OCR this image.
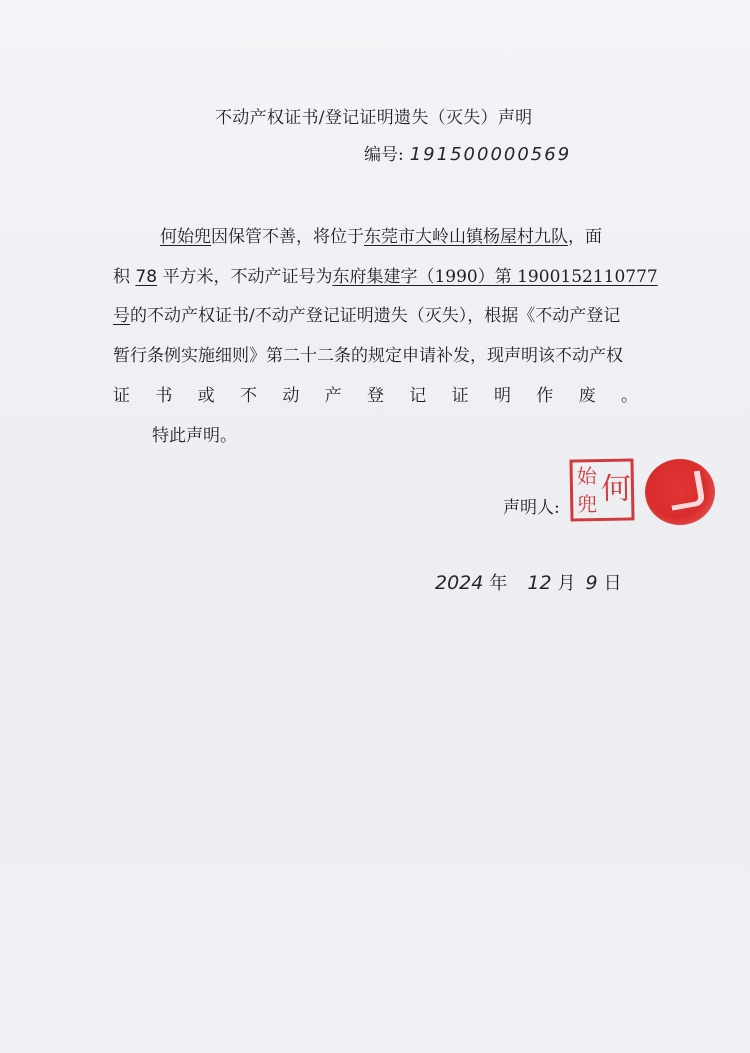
不动产权证书/登记证明遗失（灭失）声明
编号: 191500000569
何始兜因保管不善，将位于东莞市大岭山镇杨屋村九队，面
积 78 平方米，不动产证号为东府集建字（1990）第 1900152110777
号的不动产权证书/不动产登记证明遗失（灭失），根据《不动产登记
暂行条例实施细则》第二十二条的规定申请补发，现声明该不动产权
证 书 或 不 动 产 登 记 证 明 作 废 。
特此声明。
声明人:
始 何
兜
2024 年 12 月 9 日
